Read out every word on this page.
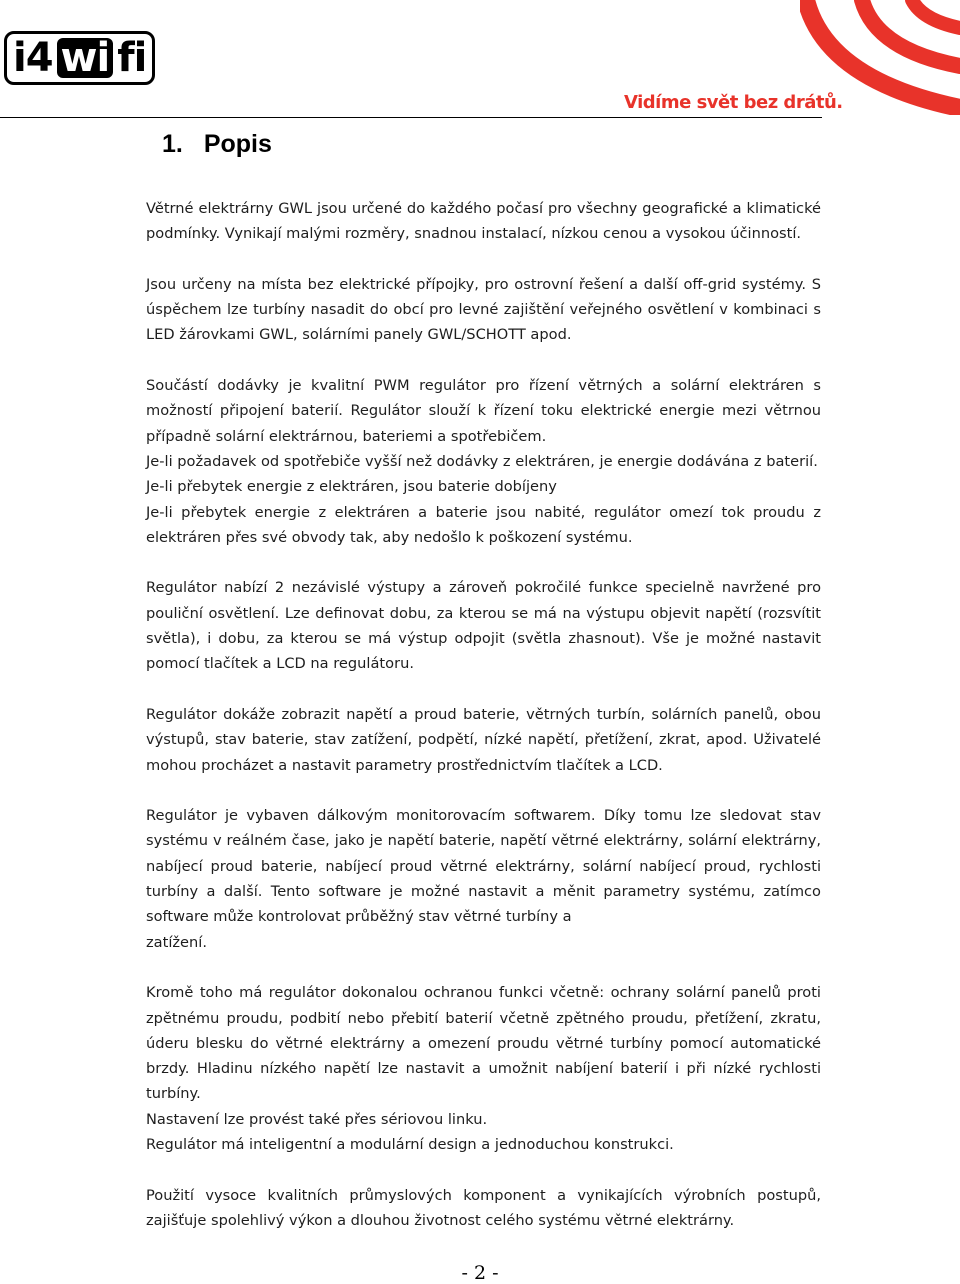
i4 wi fi
Vidíme svět bez drátů.
1. Popis

Větrné elektrárny GWL jsou určené do každého počasí pro všechny geografické a klimatické podmínky. Vynikají malými rozměry, snadnou instalací, nízkou cenou a vysokou účinností.

Jsou určeny na místa bez elektrické přípojky, pro ostrovní řešení a další off-grid systémy. S úspěchem lze turbíny nasadit do obcí pro levné zajištění veřejného osvětlení v kombinaci s LED žárovkami GWL, solárními panely GWL/SCHOTT apod.

Součástí dodávky je kvalitní PWM regulátor pro řízení větrných a solární elektráren s možností připojení baterií. Regulátor slouží k řízení toku elektrické energie mezi větrnou případně solární elektrárnou, bateriemi a spotřebičem.

Je-li požadavek od spotřebiče vyšší než dodávky z elektráren, je energie dodávána z baterií.

Je-li přebytek energie z elektráren, jsou baterie dobíjeny

Je-li přebytek energie z elektráren a baterie jsou nabité, regulátor omezí tok proudu z elektráren přes své obvody tak, aby nedošlo k poškození systému.

Regulátor nabízí 2 nezávislé výstupy a zároveň pokročilé funkce specielně navržené pro pouliční osvětlení. Lze definovat dobu, za kterou se má na výstupu objevit napětí (rozsvítit světla), i dobu, za kterou se má výstup odpojit (světla zhasnout). Vše je možné nastavit pomocí tlačítek a LCD na regulátoru.

Regulátor dokáže zobrazit napětí a proud baterie, větrných turbín, solárních panelů, obou výstupů, stav baterie, stav zatížení, podpětí, nízké napětí, přetížení, zkrat, apod. Uživatelé mohou procházet a nastavit parametry prostřednictvím tlačítek a LCD.

Regulátor je vybaven dálkovým monitorovacím softwarem. Díky tomu lze sledovat stav systému v reálném čase, jako je napětí baterie, napětí větrné elektrárny, solární elektrárny, nabíjecí proud baterie, nabíjecí proud větrné elektrárny, solární nabíjecí proud, rychlosti turbíny a další. Tento software je možné nastavit a měnit parametry systému, zatímco software může kontrolovat průběžný stav větrné turbíny a

zatížení.

Kromě toho má regulátor dokonalou ochranou funkci včetně: ochrany solární panelů proti zpětnému proudu, podbití nebo přebití baterií včetně zpětného proudu, přetížení, zkratu, úderu blesku do větrné elektrárny a omezení proudu větrné turbíny pomocí automatické brzdy. Hladinu nízkého napětí lze nastavit a umožnit nabíjení baterií i při nízké rychlosti turbíny.

Nastavení lze provést také přes sériovou linku.

Regulátor má inteligentní a modulární design a jednoduchou konstrukci.

Použití vysoce kvalitních průmyslových komponent a vynikajících výrobních postupů, zajišťuje spolehlivý výkon a dlouhou životnost celého systému větrné elektrárny.

- 2 -
